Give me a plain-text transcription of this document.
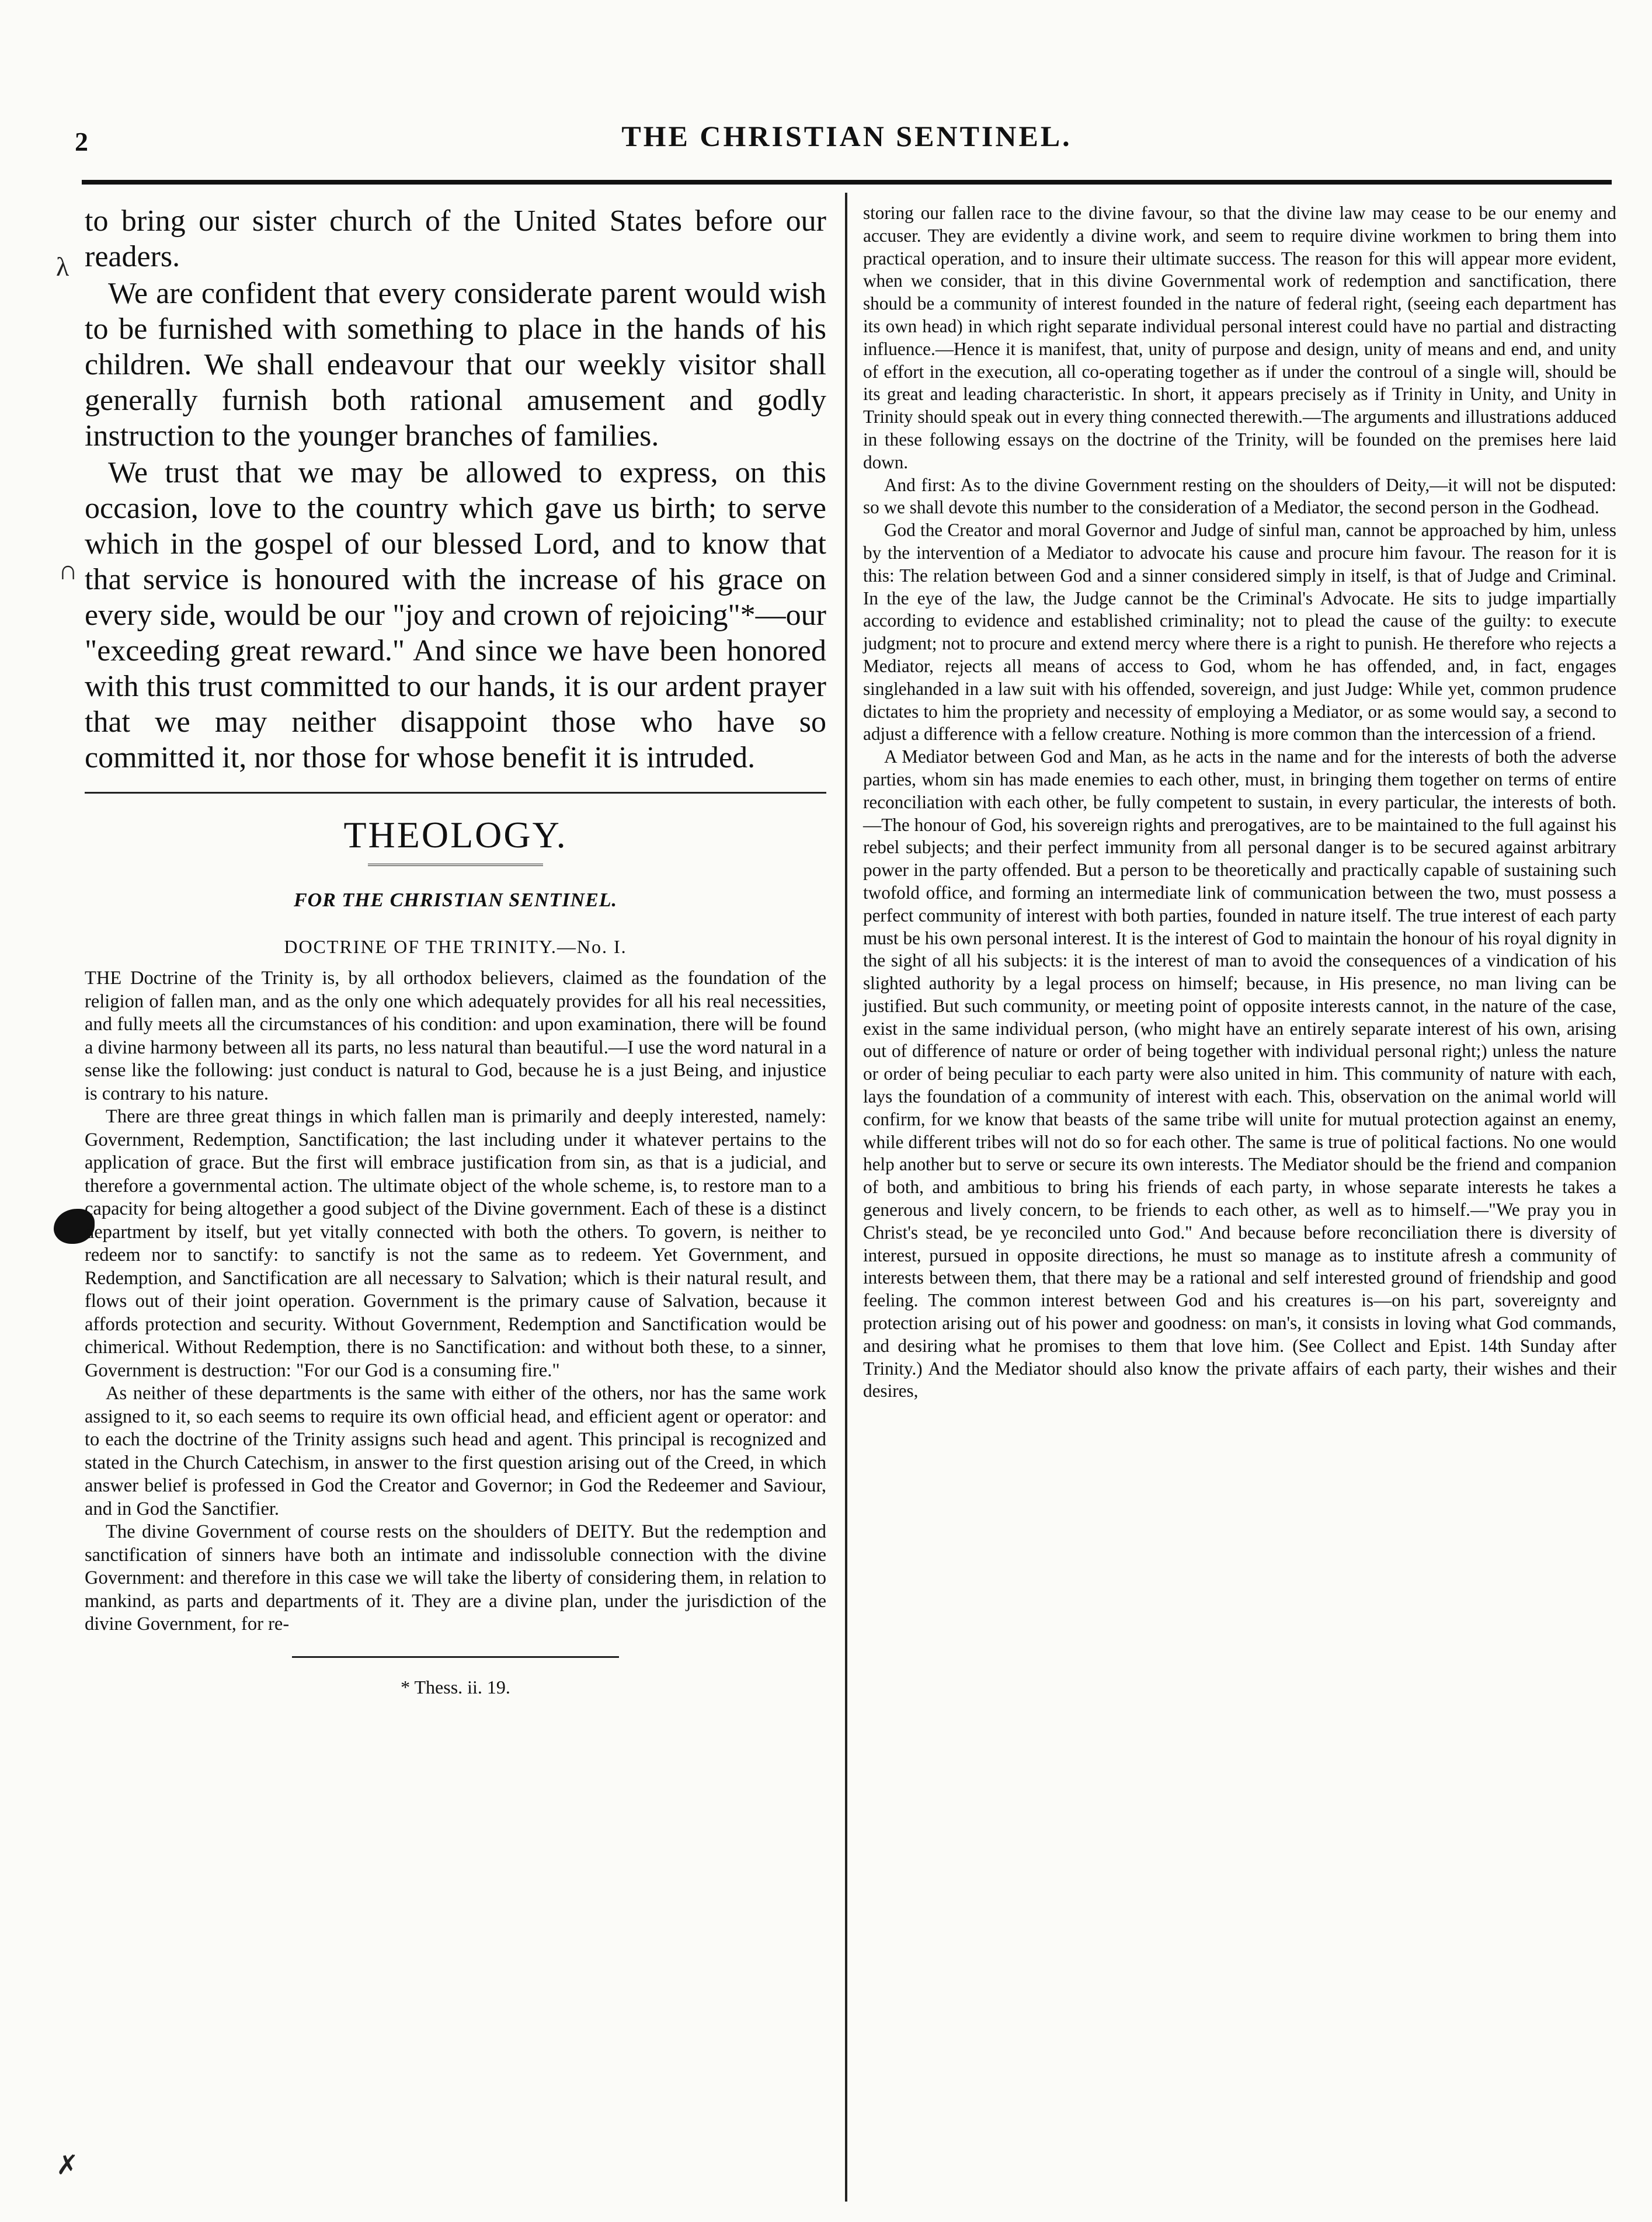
2	THE CHRISTIAN SENTINEL.
λ
∩
✗

to bring our sister church of the United States before our readers.

We are confident that every considerate parent would wish to be furnished with something to place in the hands of his children. We shall endeavour that our weekly visitor shall generally furnish both rational amusement and godly instruction to the younger branches of families.

We trust that we may be allowed to express, on this occasion, love to the country which gave us birth; to serve which in the gospel of our blessed Lord, and to know that that service is honoured with the increase of his grace on every side, would be our "joy and crown of rejoicing"*—our "exceeding great reward." And since we have been honored with this trust committed to our hands, it is our ardent prayer that we may neither disappoint those who have so committed it, nor those for whose benefit it is intruded.

THEOLOGY.
FOR THE CHRISTIAN SENTINEL.
DOCTRINE OF THE TRINITY.—No. I.

THE Doctrine of the Trinity is, by all orthodox believers, claimed as the foundation of the religion of fallen man, and as the only one which adequately provides for all his real necessities, and fully meets all the circumstances of his condition: and upon examination, there will be found a divine harmony between all its parts, no less natural than beautiful.—I use the word natural in a sense like the following: just conduct is natural to God, because he is a just Being, and injustice is contrary to his nature.

There are three great things in which fallen man is primarily and deeply interested, namely: Government, Redemption, Sanctification; the last including under it whatever pertains to the application of grace. But the first will embrace justification from sin, as that is a judicial, and therefore a governmental action. The ultimate object of the whole scheme, is, to restore man to a capacity for being altogether a good subject of the Divine government. Each of these is a distinct department by itself, but yet vitally connected with both the others. To govern, is neither to redeem nor to sanctify: to sanctify is not the same as to redeem. Yet Government, and Redemption, and Sanctification are all necessary to Salvation; which is their natural result, and flows out of their joint operation. Government is the primary cause of Salvation, because it affords protection and security. Without Government, Redemption and Sanctification would be chimerical. Without Redemption, there is no Sanctification: and without both these, to a sinner, Government is destruction: "For our God is a consuming fire."

As neither of these departments is the same with either of the others, nor has the same work assigned to it, so each seems to require its own official head, and efficient agent or operator: and to each the doctrine of the Trinity assigns such head and agent. This principal is recognized and stated in the Church Catechism, in answer to the first question arising out of the Creed, in which answer belief is professed in God the Creator and Governor; in God the Redeemer and Saviour, and in God the Sanctifier.

The divine Government of course rests on the shoulders of DEITY. But the redemption and sanctification of sinners have both an intimate and indissoluble connection with the divine Government: and therefore in this case we will take the liberty of considering them, in relation to mankind, as parts and departments of it. They are a divine plan, under the jurisdiction of the divine Government, for re-

* Thess. ii. 19.

storing our fallen race to the divine favour, so that the divine law may cease to be our enemy and accuser. They are evidently a divine work, and seem to require divine workmen to bring them into practical operation, and to insure their ultimate success. The reason for this will appear more evident, when we consider, that in this divine Governmental work of redemption and sanctification, there should be a community of interest founded in the nature of federal right, (seeing each department has its own head) in which right separate individual personal interest could have no partial and distracting influence.—Hence it is manifest, that, unity of purpose and design, unity of means and end, and unity of effort in the execution, all co-operating together as if under the controul of a single will, should be its great and leading characteristic. In short, it appears precisely as if Trinity in Unity, and Unity in Trinity should speak out in every thing connected therewith.—The arguments and illustrations adduced in these following essays on the doctrine of the Trinity, will be founded on the premises here laid down.

And first: As to the divine Government resting on the shoulders of Deity,—it will not be disputed: so we shall devote this number to the consideration of a Mediator, the second person in the Godhead.

God the Creator and moral Governor and Judge of sinful man, cannot be approached by him, unless by the intervention of a Mediator to advocate his cause and procure him favour. The reason for it is this: The relation between God and a sinner considered simply in itself, is that of Judge and Criminal. In the eye of the law, the Judge cannot be the Criminal's Advocate. He sits to judge impartially according to evidence and established criminality; not to plead the cause of the guilty: to execute judgment; not to procure and extend mercy where there is a right to punish. He therefore who rejects a Mediator, rejects all means of access to God, whom he has offended, and, in fact, engages singlehanded in a law suit with his offended, sovereign, and just Judge: While yet, common prudence dictates to him the propriety and necessity of employing a Mediator, or as some would say, a second to adjust a difference with a fellow creature. Nothing is more common than the intercession of a friend.

A Mediator between God and Man, as he acts in the name and for the interests of both the adverse parties, whom sin has made enemies to each other, must, in bringing them together on terms of entire reconciliation with each other, be fully competent to sustain, in every particular, the interests of both.—The honour of God, his sovereign rights and prerogatives, are to be maintained to the full against his rebel subjects; and their perfect immunity from all personal danger is to be secured against arbitrary power in the party offended. But a person to be theoretically and practically capable of sustaining such twofold office, and forming an intermediate link of communication between the two, must possess a perfect community of interest with both parties, founded in nature itself. The true interest of each party must be his own personal interest. It is the interest of God to maintain the honour of his royal dignity in the sight of all his subjects: it is the interest of man to avoid the consequences of a vindication of his slighted authority by a legal process on himself; because, in His presence, no man living can be justified. But such community, or meeting point of opposite interests cannot, in the nature of the case, exist in the same individual person, (who might have an entirely separate interest of his own, arising out of difference of nature or order of being together with individual personal right;) unless the nature or order of being peculiar to each party were also united in him. This community of nature with each, lays the foundation of a community of interest with each. This, observation on the animal world will confirm, for we know that beasts of the same tribe will unite for mutual protection against an enemy, while different tribes will not do so for each other. The same is true of political factions. No one would help another but to serve or secure its own interests. The Mediator should be the friend and companion of both, and ambitious to bring his friends of each party, in whose separate interests he takes a generous and lively concern, to be friends to each other, as well as to himself.—"We pray you in Christ's stead, be ye reconciled unto God." And because before reconciliation there is diversity of interest, pursued in opposite directions, he must so manage as to institute afresh a community of interests between them, that there may be a rational and self interested ground of friendship and good feeling. The common interest between God and his creatures is—on his part, sovereignty and protection arising out of his power and goodness: on man's, it consists in loving what God commands, and desiring what he promises to them that love him. (See Collect and Epist. 14th Sunday after Trinity.) And the Mediator should also know the private affairs of each party, their wishes and their desires,
